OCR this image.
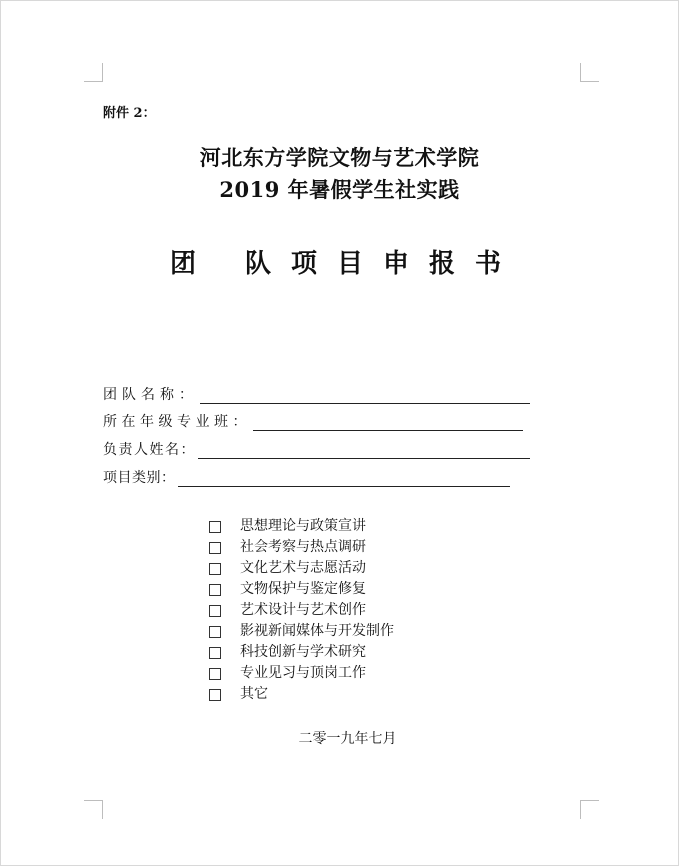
附件 2：
河北东方学院文物与艺术学院
2019 年暑假学生社实践
团 队项目申报书
团队名称：
所在年级专业班：
负责人姓名：
项目类别：
思想理论与政策宣讲
社会考察与热点调研
文化艺术与志愿活动
文物保护与鉴定修复
艺术设计与艺术创作
影视新闻媒体与开发制作
科技创新与学术研究
专业见习与顶岗工作
其它
二零一九年七月
